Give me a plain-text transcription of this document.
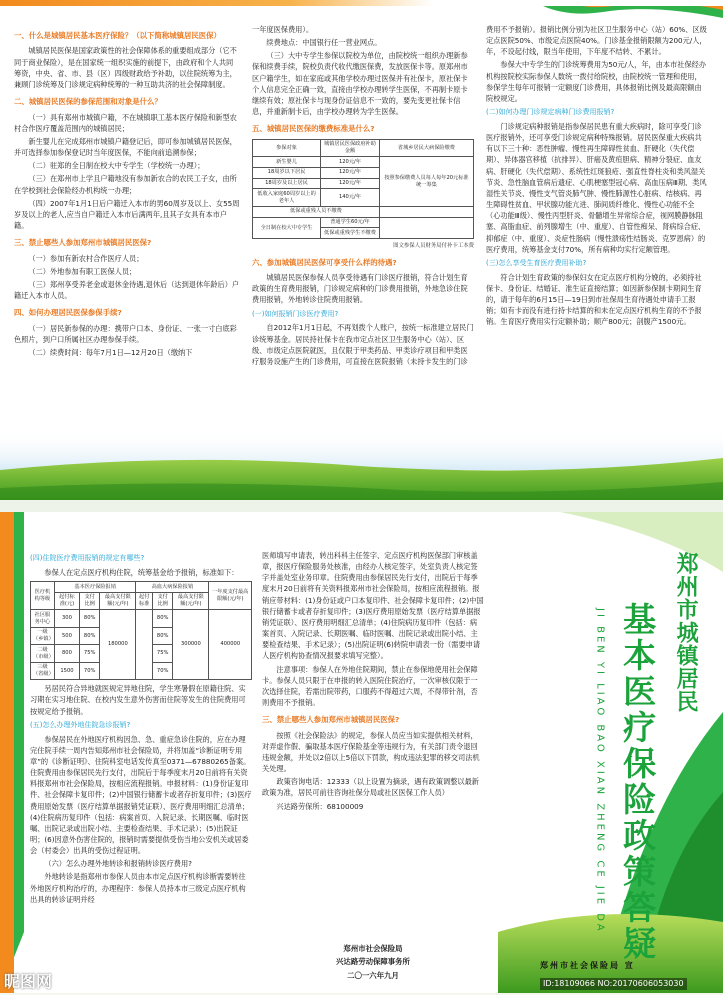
一、什么是城镇居民基本医疗保险？（以下简称城镇居民医保）
城镇居民医保是国家政策性的社会保障体系的重要组成部分（它不同于商业保险），是在国家统一组织实施的前提下，由政府和个人共同筹资，中央、省、市、县（区）四级财政给予补助，以住院统筹为主，兼顾门诊统筹及门诊规定病种统筹的一种互助共济的社会保障制度。
二、城镇居民医保的参保范围和对象是什么？
（一）具有郑州市城镇户籍，不在城镇职工基本医疗保险和新型农村合作医疗覆盖范围内的城镇居民；
新生婴儿在完成郑州市城镇户籍登记后，即可参加城镇居民医保，并可选择参加参保登记时当年度医保，不能向前追溯参保；
（二）驻郑的全日制在校大中专学生（学校统一办理）；
（三）在郑州市上学且户籍地没有参加新农合的农民工子女，由所在学校到社会保险经办机构统一办理；
（四）2007年1月1日后户籍迁入本市的男60周岁及以上、女55周岁及以上的老人,应当自户籍迁入本市后满两年,且其子女具有本市户籍。
三、禁止哪些人参加郑州市城镇居民医保?
（一）参加有新农村合作医疗人员；
（二）外地参加有职工医保人员；
（三）郑州享受养老金或退休金待遇,退休后（达到退休年龄后）户籍迁入本市人员。
四、如何办理居民医保参保手续?
（一）居民新参保的办理：携带户口本、身份证、一张一寸白底彩色照片，到户口所属社区办理参保手续。
（二）续费时间：每年7月1日—12月20日（缴纳下
一年度医保费用）。
续费地点：中国银行任一营业网点。
（三）大中专学生参保以院校为单位，由院校统一组织办理新参保和续费手续，院校负责代收代缴医保费，发放医保卡等。原郑州市区户籍学生，如在家庭或其他学校办理过医保并有社保卡，原社保卡个人信息完全正确一致，直接由学校办理转学生医保，不再制卡原卡继续有效；原社保卡与现身份证信息不一致的，要先变更社保卡信息，并重新制卡后，由学校办理转为学生医保。
五、城镇居民医保的缴费标准是什么?
参保对象	城镇居民医保政府补助金额	省城乡居民大病保险缴费
新生婴儿	120元/年	按照参保缴费人员每人每年20元标准统一筹集
18周岁以下居民	120元/年	
18周岁及以上居民	120元/年	
低收入家庭60周岁以上的老年人	140元/年	
低保或重残人员不缴费		
全日制在校大中专学生	普通学生60元/年	
	低保或重残学生不缴费	
图文参保人员财务局付补卡工本费
六、参加城镇居民医保可享受什么样的待遇?
城镇居民医保参保人员享受待遇有门诊医疗报销，符合计划生育政策的生育费用报销，门诊规定病种的门诊费用报销，外地急诊住院费用报销，外地转诊住院费用报销。
(一)如何报销门诊医疗费用?
自2012年1月1日起，不再划拨个人账户，按统一标准建立居民门诊统筹基金。居民持社保卡在我市定点社区卫生服务中心（站）、区级、市级定点医院就医，且仅限于甲类药品、甲类诊疗项目和甲类医疗服务设施产生的门诊费用，可直接在医院报销（未持卡发生的门诊
费用不予报销）。报销比例分别为社区卫生服务中心（站）60%、区级定点医院50%、市级定点医院40%。门诊基金报销限额为200元/人，年，不设起付线，限当年使用，下年度不结转、不累计。
参保大中专学生的门诊统筹费用为50元/人，年，由本市社保经办机构按院校实际参保人数统一拨付给院校，由院校统一管理和使用，参保学生每年可报销一定额度门诊费用，具体报销比例及最高限额由院校规定。
(二)如何办理门诊规定病种门诊费用报销?
门诊规定病种报销是指参保居民患有重大疾病时，除可享受门诊医疗报销外，还可享受门诊规定病种特殊报销。居民医保重大疾病共有以下三十种：恶性肿瘤、慢性再生障碍性贫血、肝硬化（失代偿期）、异体器官移植（抗排异）、肝癌及黄疸胆病、精神分裂症、血友病、肝硬化（失代偿期）、系统性红斑狼疮、强直性脊柱炎和类风湿关节炎、急性脑血管病后遗症、心肌梗塞型冠心病、高血压病Ⅲ期、类风湿性关节炎、慢性支气管炎肺气肿、慢性肺源性心脏病、结核病、再生障碍性贫血、甲状腺功能亢进、肺间质纤维化、慢性心功能不全（心功能Ⅲ级）、慢性丙型肝炎、骨髓增生异常综合症，视网膜静脉阻塞、高脂血症、前列腺增生（中、重度）、自管性痴呆、肾病综合症、抑郁症（中、重度）、炎症性肠病（慢性溃疡性结肠炎、克罗恩病）的医疗费用，统筹基金支付70%，所有病种均实行定额管理。
(三)怎么享受生育医疗费用补助?
符合计划生育政策的参保妇女在定点医疗机构分娩的，必须持社保卡、身份证、结婚证、准生证直接结算；如因新参保制卡期间生育的，请于每年的6月15日—19日到市社保局生育待遇处申请手工报销；如有卡而没有进行持卡结算的和未在定点医疗机构生育的不予报销。生育医疗费用实行定额补助；顺产800元；剖腹产1500元。
(四)住院医疗费用报销的规定有哪些?
参保人在定点医疗机构住院，统筹基金给予报销，标准如下：
医疗机构等级	基本医疗保险报销			高血大病保险报销			一年度支付最高限额(元/年)
	起付标准(元)	支付比例	最高支付限额(元/年)	起付标准	支付比例	最高支付限额(元/年)	
社区服务中心	300	80%	180000		80%	300000	400000
一级（乡镇）	500	80%			80%		
二级（市级）	800	75%			75%		
三级（省级）	1500	70%			70%		
另居民符合异地就医规定异地住院，学生寒暑假在原籍住院、实习期在实习地住院、在校内发生意外伤害而住院等发生的住院费用可按规定给予报销。
(五)怎么办理外地住院急诊报销?
参保居民在外地医疗机构因急、急、重症急诊住院的，应在办理完住院手续一周内告知郑州市社会保险局，并将加盖“诊断证明专用章”的《诊断证明》、住院科室电话发传真至0371—67880265备案。住院费用由参保居民先行支付，出院后于每季度末月20日前将有关资料报郑州市社会保险局，按相应流程报销。申报材料：(1)身份证复印件、社会保障卡复印件；(2)中国银行储蓄卡或者存折复印件；(3)医疗费用原始发票（医疗结算单据报销凭证联）、医疗费用明细汇总清单；(4)住院病历复印件（包括：病案首页、入院记录、长期医嘱、临时医嘱、出院记录或出院小结、主要检查结果、手术记录）；(5)出院证明；(6)因意外伤害住院的，报销时需要提供受伤当地公安机关或居委会（村委会）出具的受伤过程证明。
（六）怎么办理外地转诊和报销转诊医疗费用?
外地转诊是指郑州市参保人员由本市定点医疗机构诊断需要转往外地医疗机构治疗的，办理程序：参保人员持本市三级定点医疗机构出具的转诊证明并经
医师填写申请表，转出科科主任签字、定点医疗机构医保部门审核盖章，报医疗保险服务处核准，由经办人核定签字，处室负责人核定签字并盖处室业务印章。住院费用由参保居民先行支付，出院后于每季度末月20日前将有关资料报郑州市社会保险局，按相应流程报销。报销应带材料：(1)身份证或户口本复印件、社会保障卡复印件；(2)中国银行储蓄卡或者存折复印件；(3)医疗费用原始发票（医疗结算单据报销凭证联）、医疗费用明细汇总清单；(4)住院病历复印件（包括：病案首页、入院记录、长期医嘱、临时医嘱、出院记录或出院小结、主要检查结果、手术记录）；(5)出院证明(6)转院申请表一份（需要申请人医疗机构协查情况报要求填写完整）。
注意事项：参保人在外地住院期间，禁止在参保地使用社会保障卡。参保人员只限于在申报的转入医院住院治疗，一次审核仅限于一次选择住院，若需出院带药，口服药不得超过六周，不得带针剂，否则费用不予报销。
三、禁止哪些人参加郑州市城镇居民医保?
按照《社会保险法》的规定，参保人员应当如实提供相关材料，对弄虚作假、骗取基本医疗保险基金等违规行为，有关部门责令退回违规金额，并处以2倍以上5倍以下罚款，构成违法犯罪的移交司法机关处理。
政策咨询电话：12333（以上设置为摘录，遇有政策调整以最新政策为准，居民可前往咨询社保分局或社区医保工作人员）
兴达路劳保所：68100009
郑州市社会保险局
兴达路劳动保障事务所
二〇一六年九月
郑州市城镇居民
基本医疗保险政策答疑
JI BEN YI LIAO BAO XIAN ZHENG CE JIE DA
郑州市社会保险局 宣
昵图网	ID:18109066 NO:20170606053030
